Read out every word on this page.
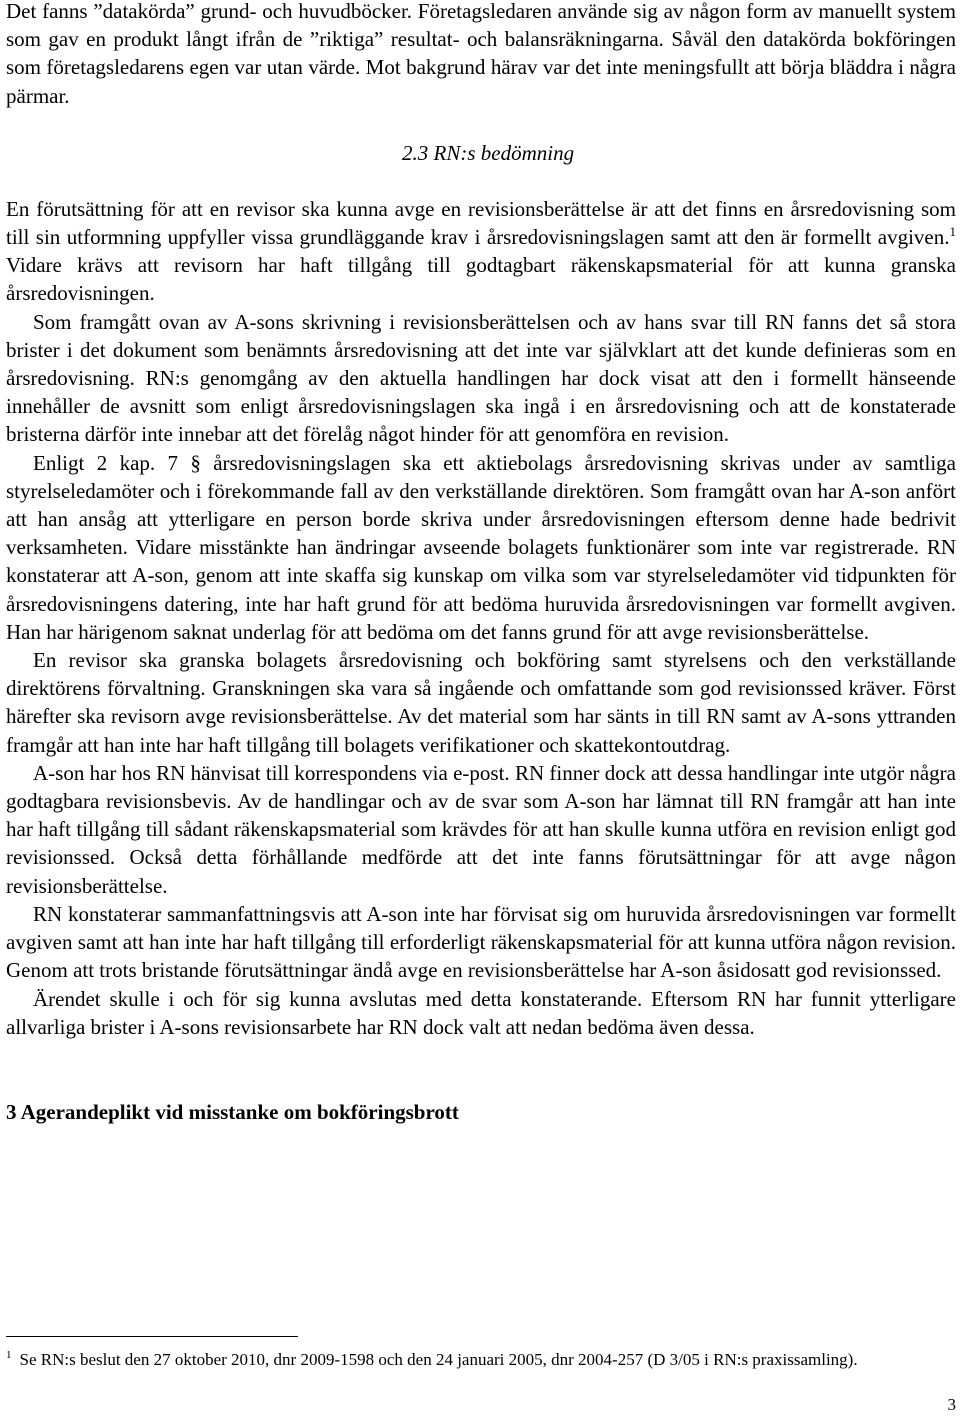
Det fanns ”datakörda” grund- och huvudböcker. Företagsledaren använde sig av någon form av manuellt system som gav en produkt långt ifrån de ”riktiga” resultat- och balansräkningarna. Såväl den datakörda bokföringen som företagsledarens egen var utan värde. Mot bakgrund härav var det inte meningsfullt att börja bläddra i några pärmar.

2.3 RN:s bedömning

En förutsättning för att en revisor ska kunna avge en revisionsberättelse är att det finns en årsredovisning som till sin utformning uppfyller vissa grundläggande krav i årsredovisningslagen samt att den är formellt avgiven.$^1$ Vidare krävs att revisorn har haft tillgång till godtagbart räkenskapsmaterial för att kunna granska årsredovisningen.

Som framgått ovan av A-sons skrivning i revisionsberättelsen och av hans svar till RN fanns det så stora brister i det dokument som benämnts årsredovisning att det inte var självklart att det kunde definieras som en årsredovisning. RN:s genomgång av den aktuella handlingen har dock visat att den i formellt hänseende innehåller de avsnitt som enligt årsredovisningslagen ska ingå i en årsredovisning och att de konstaterade bristerna därför inte innebar att det förelåg något hinder för att genomföra en revision.

Enligt 2 kap. 7 § årsredovisningslagen ska ett aktiebolags årsredovisning skrivas under av samtliga styrelseledamöter och i förekommande fall av den verkställande direktören. Som framgått ovan har A-son anfört att han ansåg att ytterligare en person borde skriva under årsredovisningen eftersom denne hade bedrivit verksamheten. Vidare misstänkte han ändringar avseende bolagets funktionärer som inte var registrerade. RN konstaterar att A-son, genom att inte skaffa sig kunskap om vilka som var styrelseledamöter vid tidpunkten för årsredovisningens datering, inte har haft grund för att bedöma huruvida årsredovisningen var formellt avgiven. Han har härigenom saknat underlag för att bedöma om det fanns grund för att avge revisionsberättelse.

En revisor ska granska bolagets årsredovisning och bokföring samt styrelsens och den verkställande direktörens förvaltning. Granskningen ska vara så ingående och omfattande som god revisionssed kräver. Först härefter ska revisorn avge revisionsberättelse. Av det material som har sänts in till RN samt av A-sons yttranden framgår att han inte har haft tillgång till bolagets verifikationer och skattekontoutdrag.

A-son har hos RN hänvisat till korrespondens via e-post. RN finner dock att dessa handlingar inte utgör några godtagbara revisionsbevis. Av de handlingar och av de svar som A-son har lämnat till RN framgår att han inte har haft tillgång till sådant räkenskapsmaterial som krävdes för att han skulle kunna utföra en revision enligt god revisionssed. Också detta förhållande medförde att det inte fanns förutsättningar för att avge någon revisionsberättelse.

RN konstaterar sammanfattningsvis att A-son inte har förvisat sig om huruvida årsredovisningen var formellt avgiven samt att han inte har haft tillgång till erforderligt räkenskapsmaterial för att kunna utföra någon revision. Genom att trots bristande förutsättningar ändå avge en revisionsberättelse har A-son åsidosatt god revisionssed.

Ärendet skulle i och för sig kunna avslutas med detta konstaterande. Eftersom RN har funnit ytterligare allvarliga brister i A-sons revisionsarbete har RN dock valt att nedan bedöma även dessa.

3 Agerandeplikt vid misstanke om bokföringsbrott

$^1$ Se RN:s beslut den 27 oktober 2010, dnr 2009-1598 och den 24 januari 2005, dnr 2004-257 (D 3/05 i RN:s praxissamling).
3
